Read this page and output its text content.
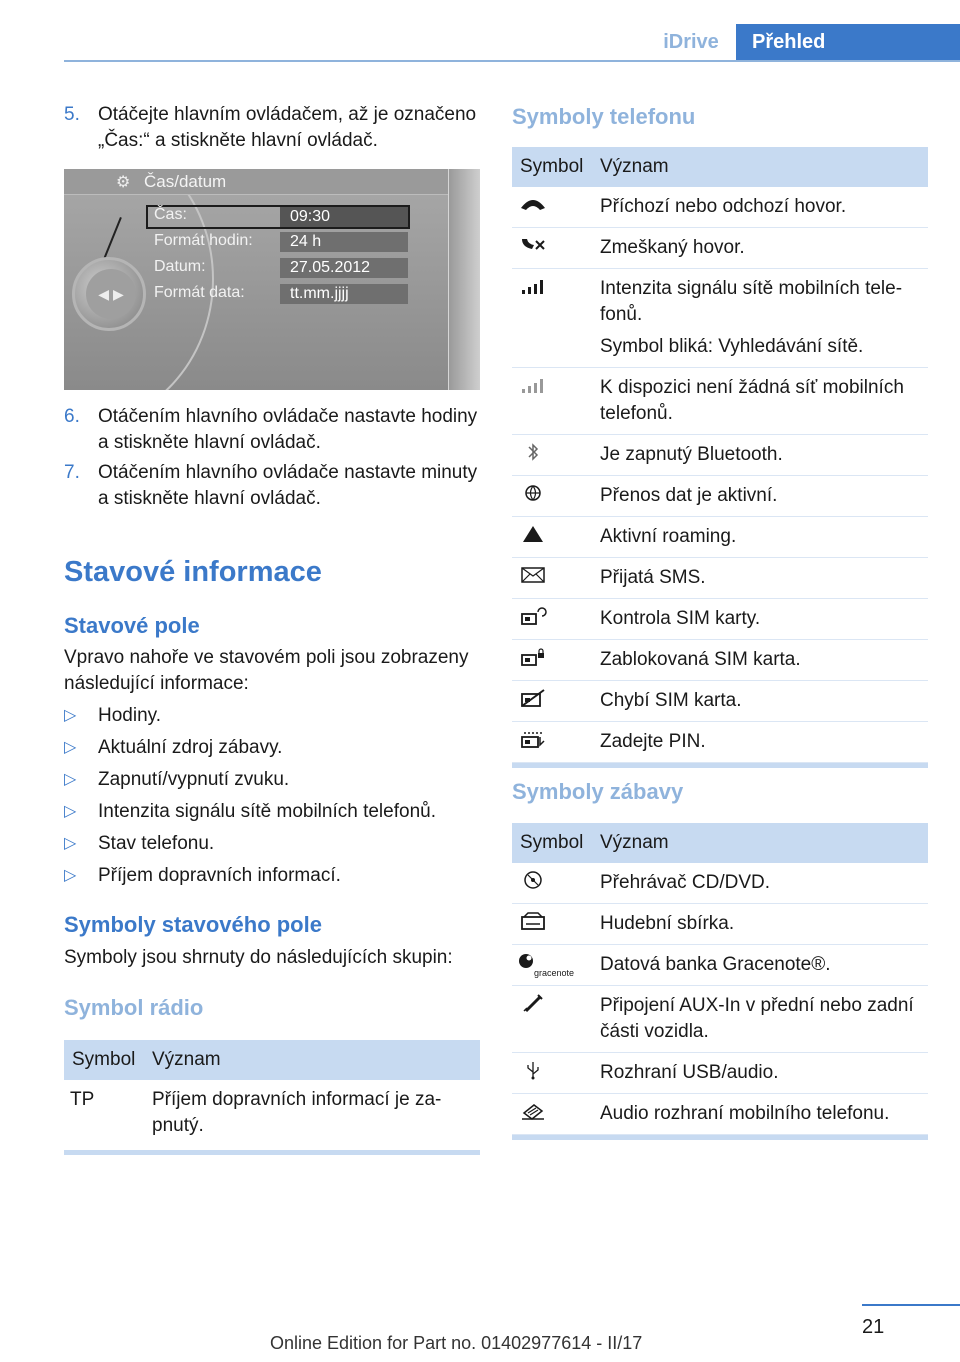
iDrive	Přehled
5. Otáčejte hlavním ovládačem, až je označeno „Čas:“ a stiskněte hlavní ovládač.
⚙ Čas/datum
Čas:	09:30
Formát hodin:	24 h
Datum:	27.05.2012
Formát data:	tt.mm.jjjj
◀ ▶
6. Otáčením hlavního ovládače nastavte hodiny a stiskněte hlavní ovládač.
7. Otáčením hlavního ovládače nastavte minuty a stiskněte hlavní ovládač.
Stavové informace
Stavové pole
Vpravo nahoře ve stavovém poli jsou zobrazeny následující informace:
▷ Hodiny.
▷ Aktuální zdroj zábavy.
▷ Zapnutí/vypnutí zvuku.
▷ Intenzita signálu sítě mobilních telefonů.
▷ Stav telefonu.
▷ Příjem dopravních informací.
Symboly stavového pole
Symboly jsou shrnuty do následujících skupin:
Symbol rádio
Symbol Význam
TP	Příjem dopravních informací je zapnutý.
Symboly telefonu
Symbol Význam
Příchozí nebo odchozí hovor.
Zmeškaný hovor.
Intenzita signálu sítě mobilních telefonů.
Symbol bliká: Vyhledávání sítě.
K dispozici není žádná síť mobilních telefonů.
Je zapnutý Bluetooth.
Přenos dat je aktivní.
Aktivní roaming.
Přijatá SMS.
Kontrola SIM karty.
Zablokovaná SIM karta.
Chybí SIM karta.
Zadejte PIN.
Symboly zábavy
Symbol Význam
Přehrávač CD/DVD.
Hudební sbírka.
gracenote Datová banka Gracenote®.
Připojení AUX-In v přední nebo zadní části vozidla.
Rozhraní USB/audio.
Audio rozhraní mobilního telefonu.
21
Online Edition for Part no. 01402977614 - II/17
